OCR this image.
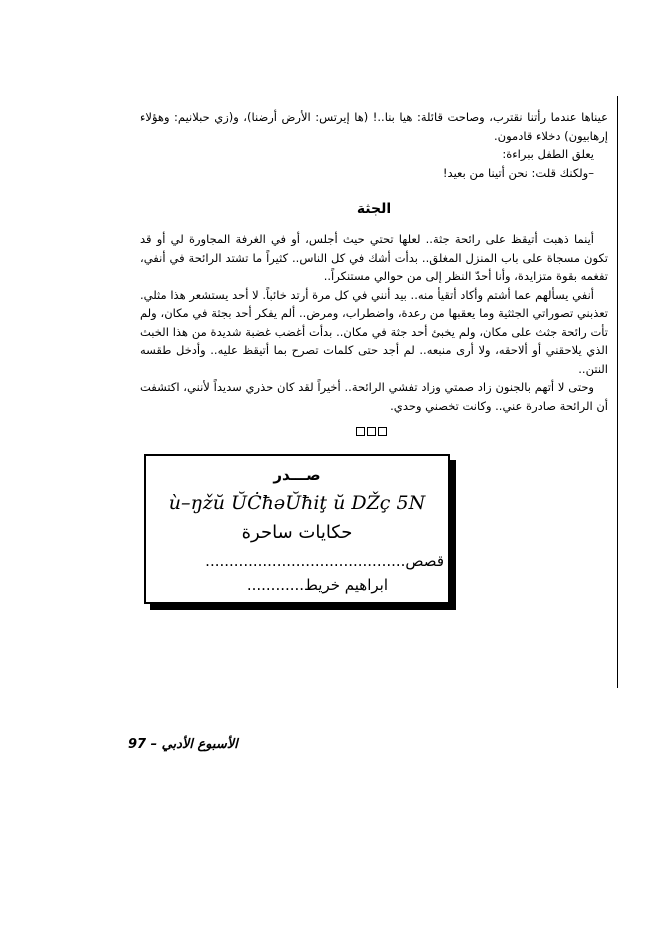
عيناها عندما رأتنا نقترب، وصاحت قائلة: هيا بنا..! (ها إيرتس: الأرض أرضنا)، و(زي حبلانيم: وهؤلاء إرهابيون) دخلاء قادمون.

يعلق الطفل ببراءة:

–ولكنك قلت: نحن أتينا من بعيد!

الجثة

أينما ذهبت أتيقظ على رائحة جثة.. لعلها تحتي حيث أجلس، أو في الغرفة المجاورة لي أو قد تكون مسجاة على باب المنزل المغلق.. بدأت أشك في كل الناس.. كثيراً ما تشتد الرائحة في أنفي، تفغمه بقوة متزايدة، وأنا أحدّ النظر إلى من حوالي مستنكراً..

أنفي يسألهم عما أشتم وأكاد أتقيأ منه.. بيد أنني في كل مرة أرتد خائباً. لا أحد يستشعر هذا مثلي. تعذبني تصوراتي الجثثية وما يعقبها من رعدة، واضطراب، ومرض.. ألم يفكر أحد بجثة في مكان، ولم تأت رائحة جثث على مكان، ولم يخبئ أحد جثة في مكان.. بدأت أغضب غضبة شديدة من هذا الخبث الذي يلاحقني أو ألاحقه، ولا أرى منبعه.. لم أجد حتى كلمات تصرح بما أتيقظ عليه.. وأدخل طقسه النتن..

وحتى لا أتهم بالجنون زاد صمتي وزاد تفشي الرائحة.. أخيراً لقد كان حذري سديداً لأنني، اكتشفت أن الرائحة صادرة عني.. وكانت تخصني وحدي.

صـــدر
ù–ŋžŭ ŬĊħəŬħiţ ŭ DŽç 5N
حكايات ساحرة
قصص..........................................
ابراهيم خريط............
الأسبوع الأدبي – 97
